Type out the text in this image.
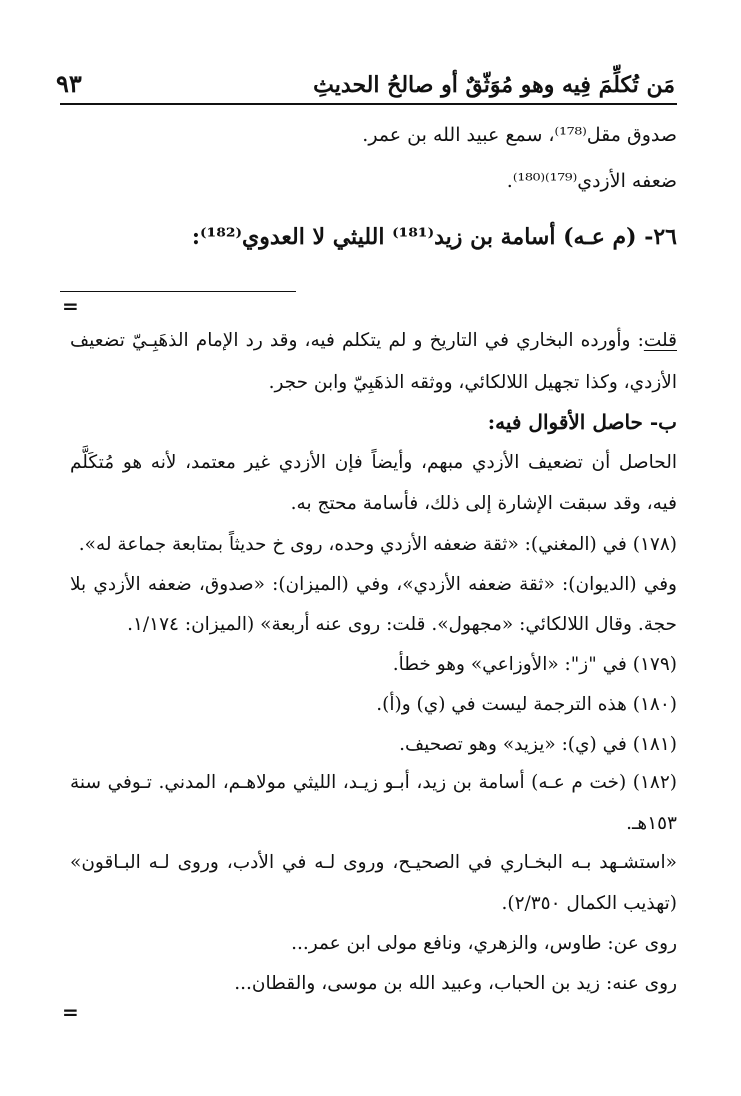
٩٣	مَن تُكلِّمَ فِيه وهو مُوَثّقٌ أو صالحُ الحديثِ
صدوق مقل⁽¹⁷⁸⁾، سمع عبيد الله بن عمر.
ضعفه الأزدي⁽¹⁷⁹⁾⁽¹⁸⁰⁾.
٢٦- (م عـه) أسامة بن زيد⁽¹⁸¹⁾ الليثي لا العدوي⁽¹⁸²⁾:
=
قلت: وأورده البخاري في التاريخ و لم يتكلم فيه، وقد رد الإمام الذهَبِـيّ تضعيف
الأزدي، وكذا تجهيل اللالكائي، ووثقه الذهَبِيّ وابن حجر.
ب- حاصل الأقوال فيه:
الحاصل أن تضعيف الأزدي مبهم، وأيضاً فإن الأزدي غير معتمد، لأنه هو مُتكَلَّم
فيه، وقد سبقت الإشارة إلى ذلك، فأسامة محتج به.
(١٧٨) في (المغني): «ثقة ضعفه الأزدي وحده، روى خ حديثاً بمتابعة جماعة له».
وفي (الديوان): «ثقة ضعفه الأزدي»، وفي (الميزان): «صدوق، ضعفه الأزدي بلا
حجة. وقال اللالكائي: «مجهول». قلت: روى عنه أربعة» (الميزان: ١/١٧٤.
(١٧٩) في "ز": «الأوزاعي» وهو خطأ.
(١٨٠) هذه الترجمة ليست في (ي) و(أ).
(١٨١) في (ي): «يزيد» وهو تصحيف.
(١٨٢) (خت م عـه) أسامة بن زيد، أبـو زيـد، الليثي مولاهـم، المدني. تـوفي سنة
١٥٣هـ.
«استشـهد بـه البخـاري في الصحيـح، وروى لـه في الأدب، وروى لـه البـاقون»
(تهذيب الكمال ٢/٣٥٠).
روى عن: طاوس، والزهري، ونافع مولى ابن عمر...
روى عنه: زيد بن الحباب، وعبيد الله بن موسى، والقطان...
=
